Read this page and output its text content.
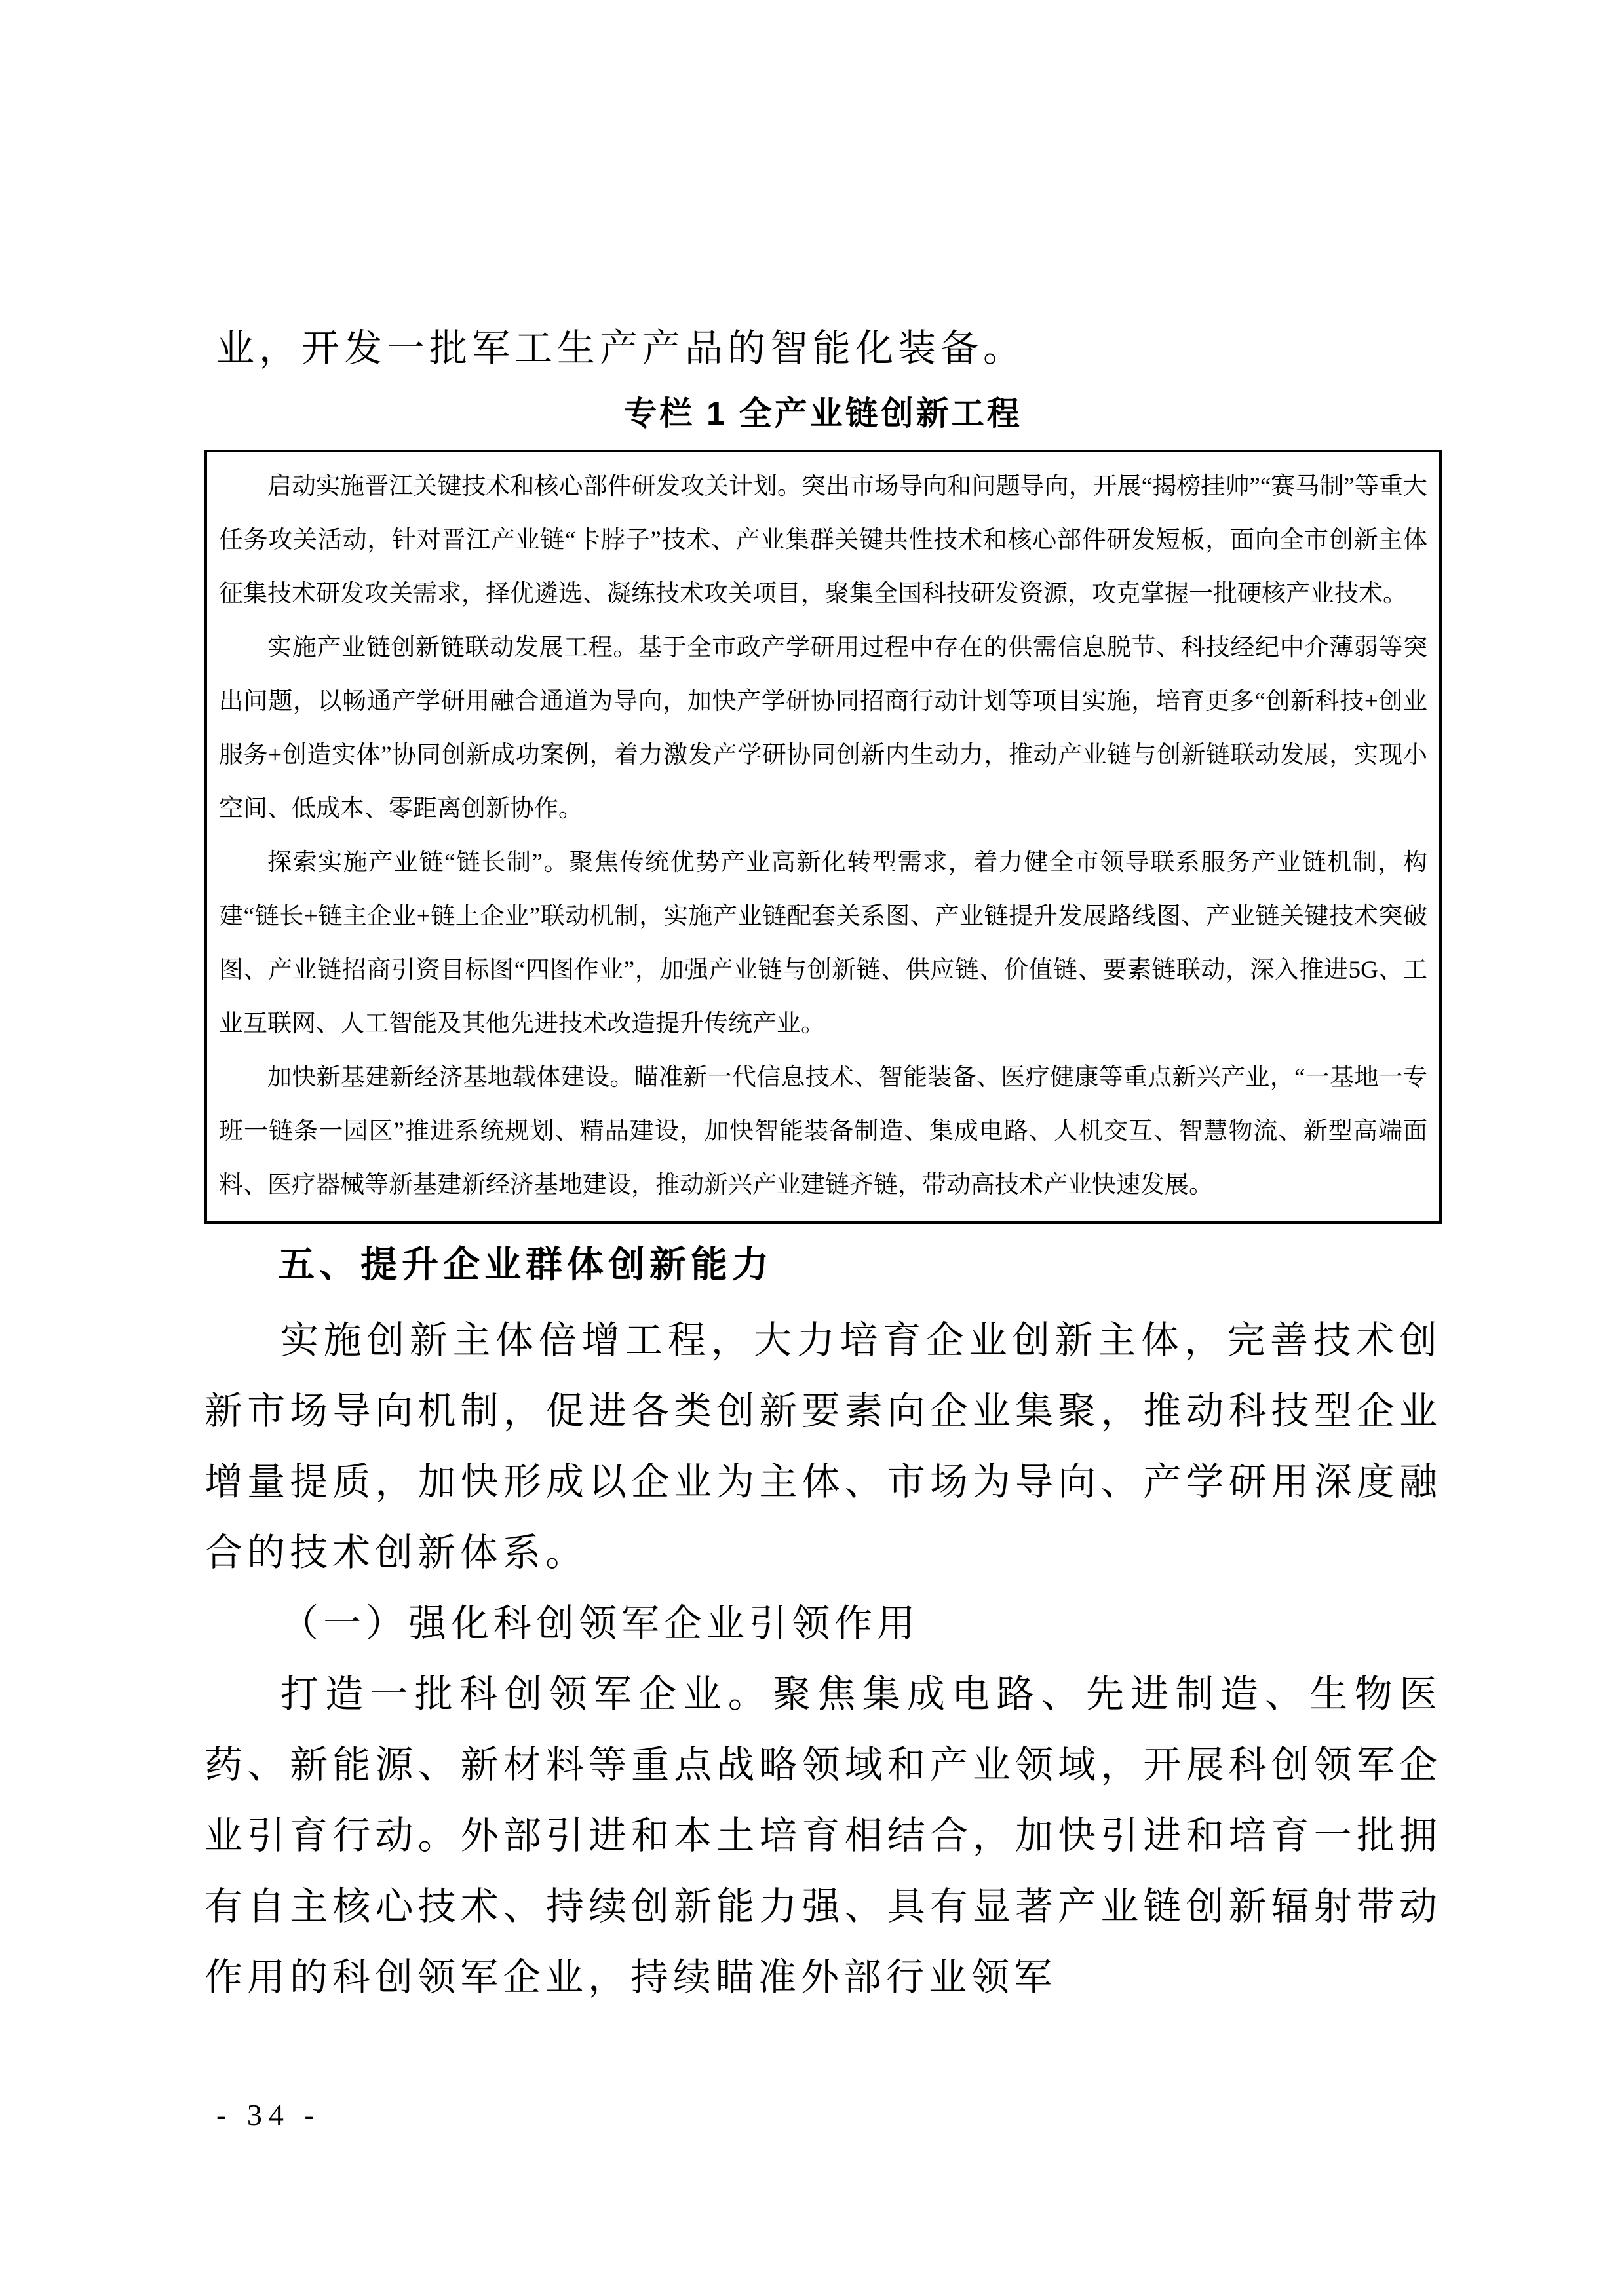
业，开发一批军工生产产品的智能化装备。

专栏 1 全产业链创新工程

启动实施晋江关键技术和核心部件研发攻关计划。突出市场导向和问题导向，开展“揭榜挂帅”“赛马制”等重大任务攻关活动，针对晋江产业链“卡脖子”技术、产业集群关键共性技术和核心部件研发短板，面向全市创新主体征集技术研发攻关需求，择优遴选、凝练技术攻关项目，聚集全国科技研发资源，攻克掌握一批硬核产业技术。

实施产业链创新链联动发展工程。基于全市政产学研用过程中存在的供需信息脱节、科技经纪中介薄弱等突出问题，以畅通产学研用融合通道为导向，加快产学研协同招商行动计划等项目实施，培育更多“创新科技+创业服务+创造实体”协同创新成功案例，着力激发产学研协同创新内生动力，推动产业链与创新链联动发展，实现小空间、低成本、零距离创新协作。

探索实施产业链“链长制”。聚焦传统优势产业高新化转型需求，着力健全市领导联系服务产业链机制，构建“链长+链主企业+链上企业”联动机制，实施产业链配套关系图、产业链提升发展路线图、产业链关键技术突破图、产业链招商引资目标图“四图作业”，加强产业链与创新链、供应链、价值链、要素链联动，深入推进5G、工业互联网、人工智能及其他先进技术改造提升传统产业。

加快新基建新经济基地载体建设。瞄准新一代信息技术、智能装备、医疗健康等重点新兴产业，“一基地一专班一链条一园区”推进系统规划、精品建设，加快智能装备制造、集成电路、人机交互、智慧物流、新型高端面料、医疗器械等新基建新经济基地建设，推动新兴产业建链齐链，带动高技术产业快速发展。

五、提升企业群体创新能力

实施创新主体倍增工程，大力培育企业创新主体，完善技术创新市场导向机制，促进各类创新要素向企业集聚，推动科技型企业增量提质，加快形成以企业为主体、市场为导向、产学研用深度融合的技术创新体系。

（一）强化科创领军企业引领作用

打造一批科创领军企业。聚焦集成电路、先进制造、生物医药、新能源、新材料等重点战略领域和产业领域，开展科创领军企业引育行动。外部引进和本土培育相结合，加快引进和培育一批拥有自主核心技术、持续创新能力强、具有显著产业链创新辐射带动作用的科创领军企业，持续瞄准外部行业领军

- 34 -
